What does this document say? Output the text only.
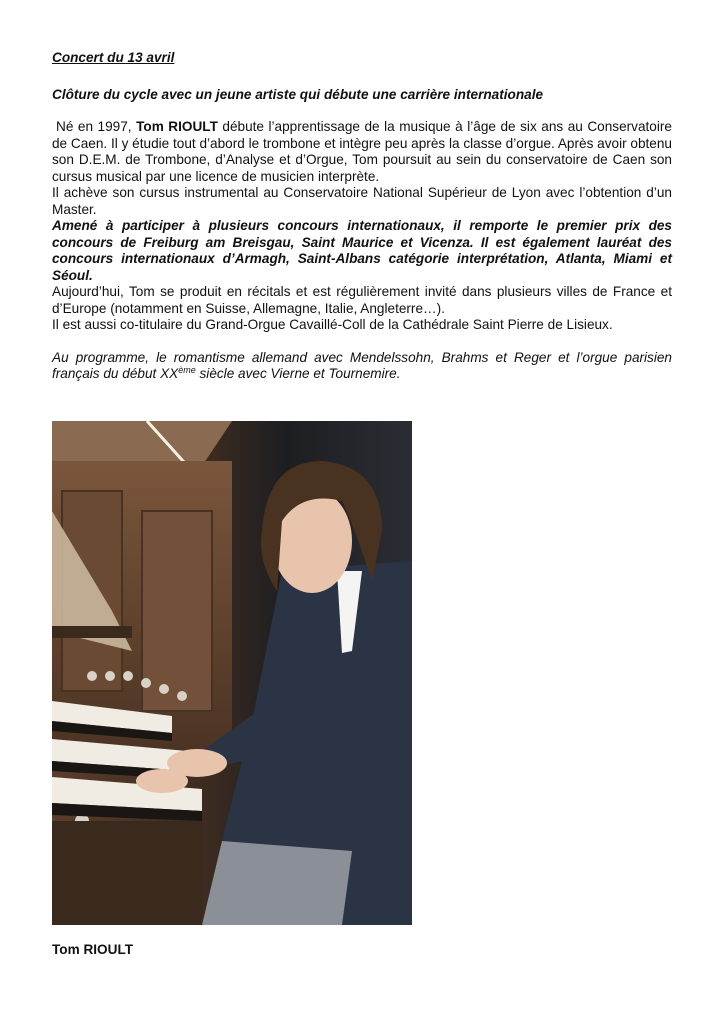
Concert du 13 avril

Clôture du cycle avec un jeune artiste qui débute une carrière internationale

Né en 1997, Tom RIOULT débute l’apprentissage de la musique à l’âge de six ans au Conservatoire de Caen. Il y étudie tout d’abord le trombone et intègre peu après la classe d’orgue. Après avoir obtenu son D.E.M. de Trombone, d’Analyse et d’Orgue, Tom poursuit au sein du conservatoire de Caen son cursus musical par une licence de musicien interprète.

Il achève son cursus instrumental au Conservatoire National Supérieur de Lyon avec l’obtention d’un Master.

Amené à participer à plusieurs concours internationaux, il remporte le premier prix des concours de Freiburg am Breisgau, Saint Maurice et Vicenza. Il est également lauréat des concours internationaux d’Armagh, Saint-Albans catégorie interprétation, Atlanta, Miami et Séoul.

Aujourd’hui, Tom se produit en récitals et est régulièrement invité dans plusieurs villes de France et d’Europe (notamment en Suisse, Allemagne, Italie, Angleterre…).

Il est aussi co-titulaire du Grand-Orgue Cavaillé-Coll de la Cathédrale Saint Pierre de Lisieux.

Au programme, le romantisme allemand avec Mendelssohn, Brahms et Reger et l’orgue parisien français du début XXème siècle avec Vierne et Tournemire.

Tom RIOULT
